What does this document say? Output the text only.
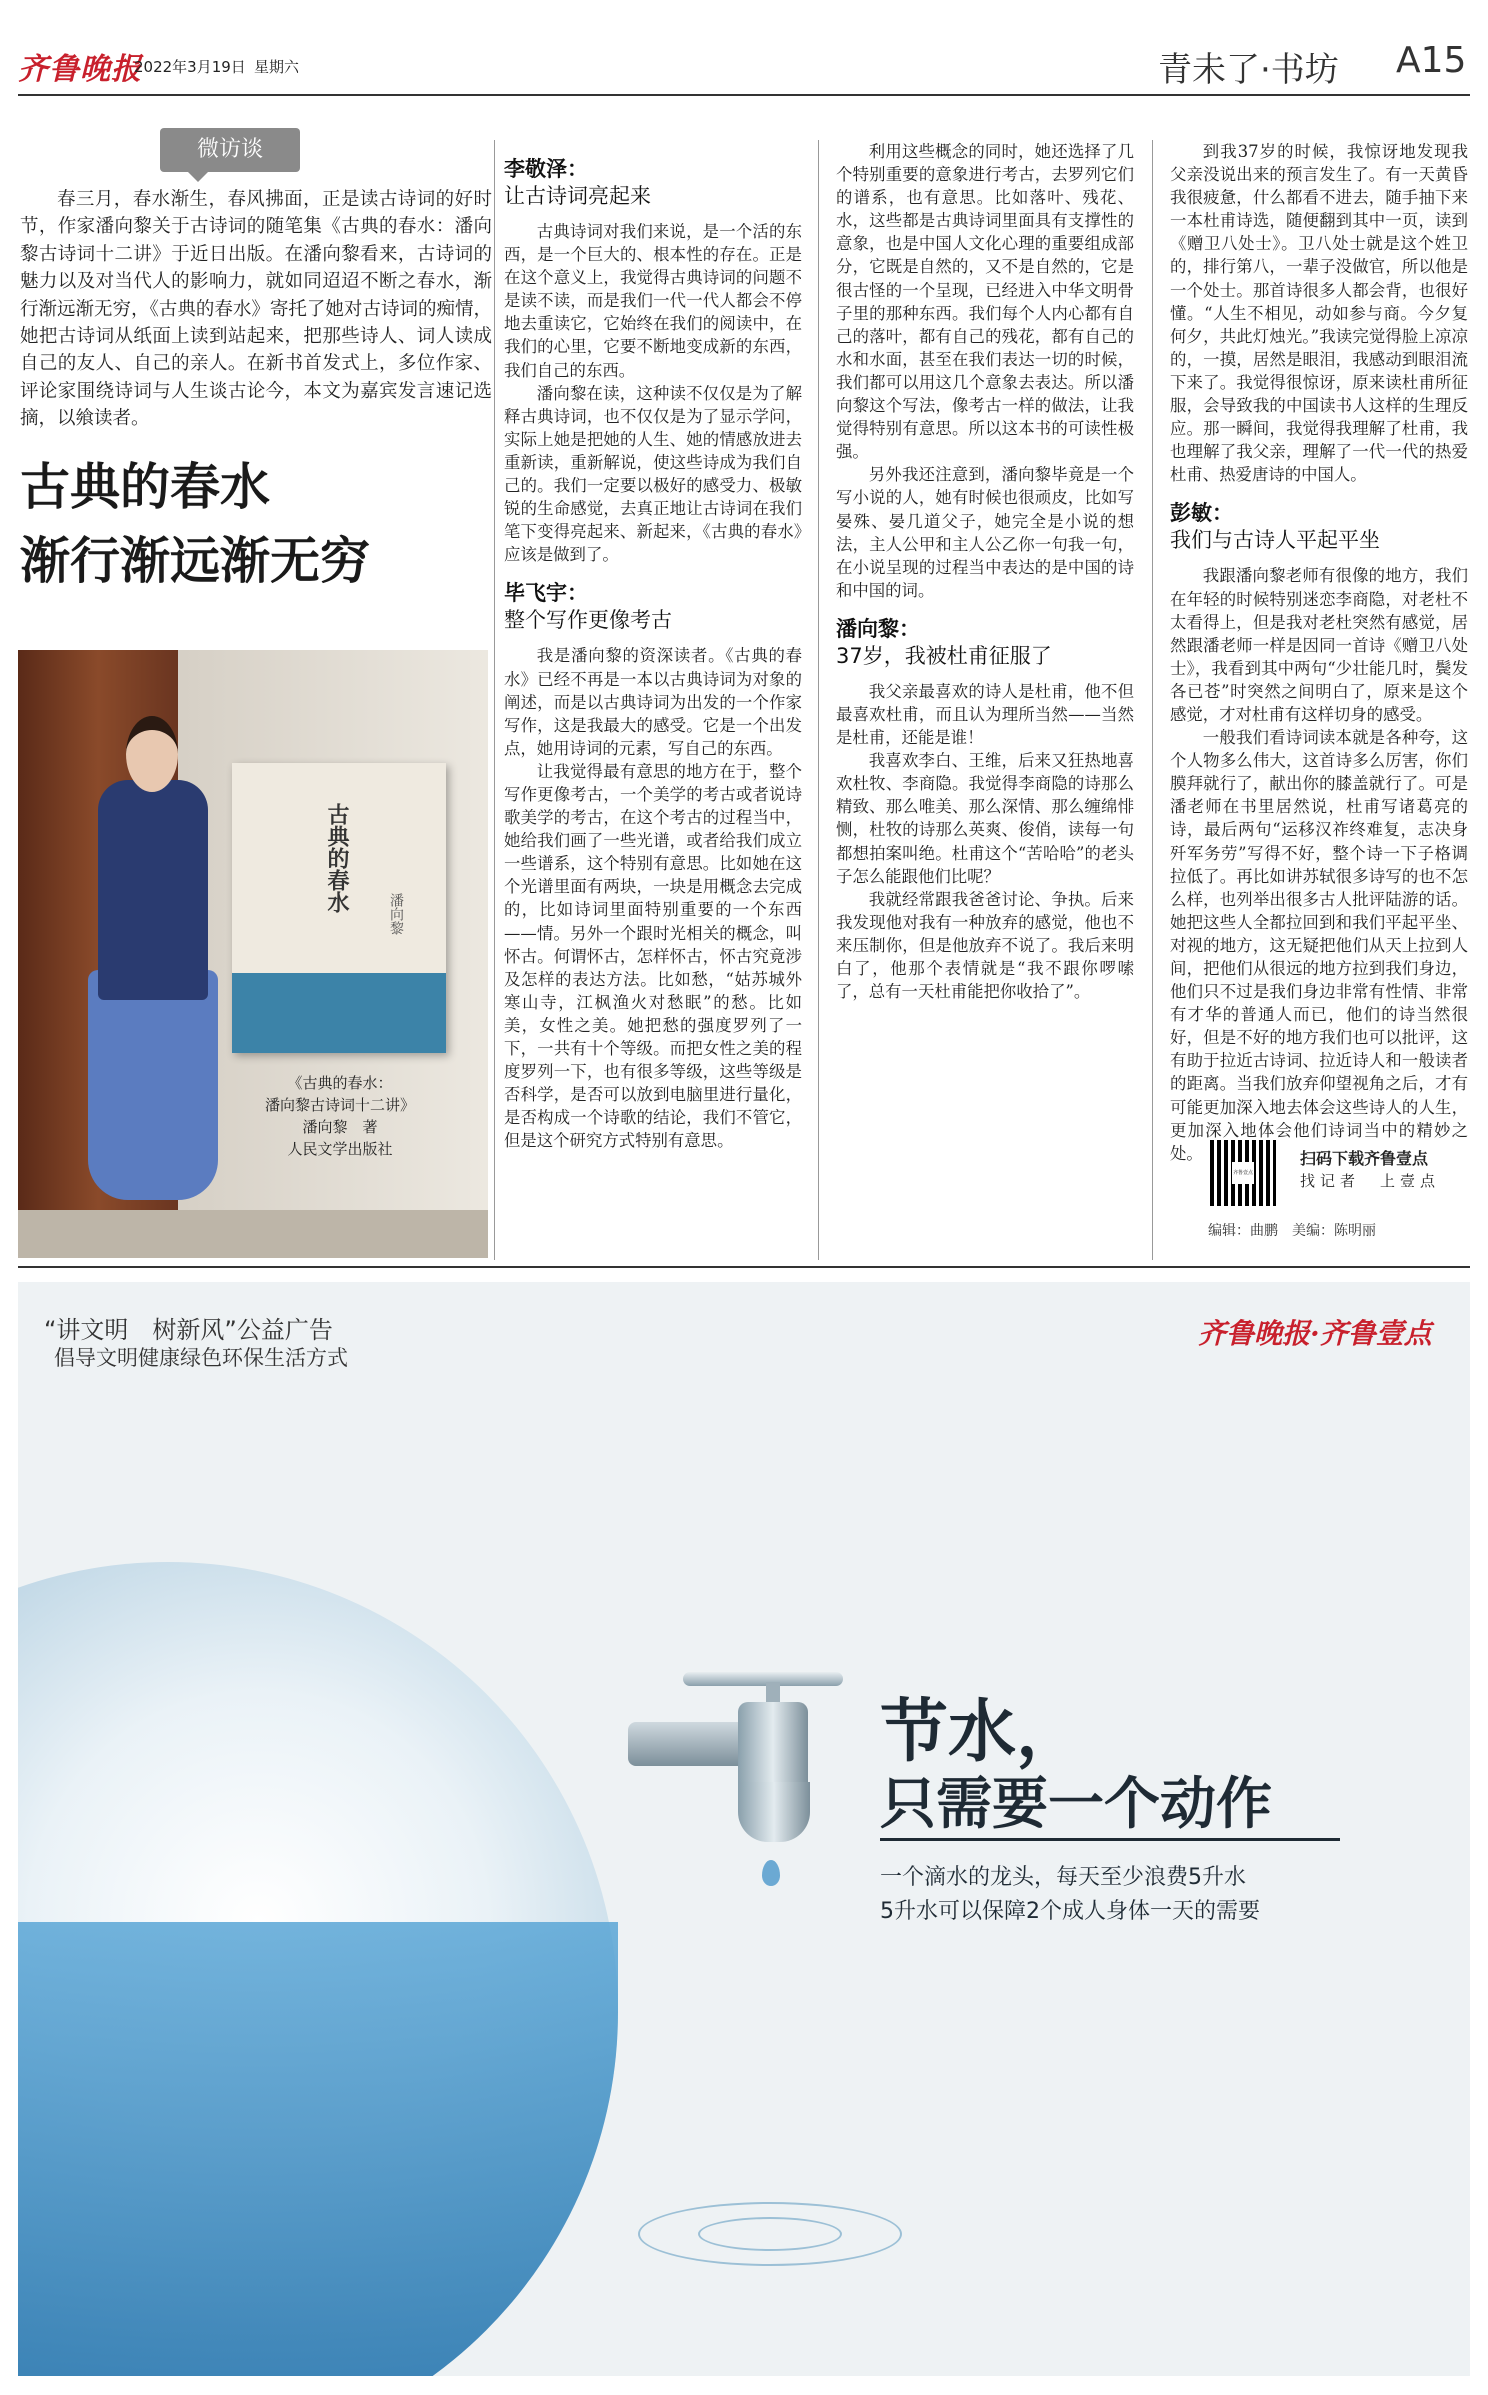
齐鲁晚报
2022年3月19日 星期六	青未了·书坊 A15
微访谈

春三月，春水渐生，春风拂面，正是读古诗词的好时节，作家潘向黎关于古诗词的随笔集《古典的春水：潘向黎古诗词十二讲》于近日出版。在潘向黎看来，古诗词的魅力以及对当代人的影响力，就如同迢迢不断之春水，渐行渐远渐无穷，《古典的春水》寄托了她对古诗词的痴情，她把古诗词从纸面上读到站起来，把那些诗人、词人读成自己的友人、自己的亲人。在新书首发式上，多位作家、评论家围绕诗词与人生谈古论今，本文为嘉宾发言速记选摘，以飨读者。

古典的春水
渐行渐远渐无穷
古典的春水
潘向黎
《古典的春水：
潘向黎古诗词十二讲》
潘向黎　著
人民文学出版社
李敬泽：
让古诗词亮起来

古典诗词对我们来说，是一个活的东西，是一个巨大的、根本性的存在。正是在这个意义上，我觉得古典诗词的问题不是读不读，而是我们一代一代人都会不停地去重读它，它始终在我们的阅读中，在我们的心里，它要不断地变成新的东西，我们自己的东西。

潘向黎在读，这种读不仅仅是为了解释古典诗词，也不仅仅是为了显示学问，实际上她是把她的人生、她的情感放进去重新读，重新解说，使这些诗成为我们自己的。我们一定要以极好的感受力、极敏锐的生命感觉，去真正地让古诗词在我们笔下变得亮起来、新起来，《古典的春水》应该是做到了。

毕飞宇：
整个写作更像考古

我是潘向黎的资深读者。《古典的春水》已经不再是一本以古典诗词为对象的阐述，而是以古典诗词为出发的一个作家写作，这是我最大的感受。它是一个出发点，她用诗词的元素，写自己的东西。

让我觉得最有意思的地方在于，整个写作更像考古，一个美学的考古或者说诗歌美学的考古，在这个考古的过程当中，她给我们画了一些光谱，或者给我们成立一些谱系，这个特别有意思。比如她在这个光谱里面有两块，一块是用概念去完成的，比如诗词里面特别重要的一个东西——情。另外一个跟时光相关的概念，叫怀古。何谓怀古，怎样怀古，怀古究竟涉及怎样的表达方法。比如愁，“姑苏城外寒山寺，江枫渔火对愁眠”的愁。比如美，女性之美。她把愁的强度罗列了一下，一共有十个等级。而把女性之美的程度罗列一下，也有很多等级，这些等级是否科学，是否可以放到电脑里进行量化，是否构成一个诗歌的结论，我们不管它，但是这个研究方式特别有意思。

利用这些概念的同时，她还选择了几个特别重要的意象进行考古，去罗列它们的谱系，也有意思。比如落叶、残花、水，这些都是古典诗词里面具有支撑性的意象，也是中国人文化心理的重要组成部分，它既是自然的，又不是自然的，它是很古怪的一个呈现，已经进入中华文明骨子里的那种东西。我们每个人内心都有自己的落叶，都有自己的残花，都有自己的水和水面，甚至在我们表达一切的时候，我们都可以用这几个意象去表达。所以潘向黎这个写法，像考古一样的做法，让我觉得特别有意思。所以这本书的可读性极强。

另外我还注意到，潘向黎毕竟是一个写小说的人，她有时候也很顽皮，比如写晏殊、晏几道父子，她完全是小说的想法，主人公甲和主人公乙你一句我一句，在小说呈现的过程当中表达的是中国的诗和中国的词。

潘向黎：
37岁，我被杜甫征服了

我父亲最喜欢的诗人是杜甫，他不但最喜欢杜甫，而且认为理所当然——当然是杜甫，还能是谁！

我喜欢李白、王维，后来又狂热地喜欢杜牧、李商隐。我觉得李商隐的诗那么精致、那么唯美、那么深情、那么缠绵悱恻，杜牧的诗那么英爽、俊俏，读每一句都想拍案叫绝。杜甫这个“苦哈哈”的老头子怎么能跟他们比呢？

我就经常跟我爸爸讨论、争执。后来我发现他对我有一种放弃的感觉，他也不来压制你，但是他放弃不说了。我后来明白了，他那个表情就是“我不跟你啰嗦了，总有一天杜甫能把你收拾了”。

到我37岁的时候，我惊讶地发现我父亲没说出来的预言发生了。有一天黄昏我很疲惫，什么都看不进去，随手抽下来一本杜甫诗选，随便翻到其中一页，读到《赠卫八处士》。卫八处士就是这个姓卫的，排行第八，一辈子没做官，所以他是一个处士。那首诗很多人都会背，也很好懂。“人生不相见，动如参与商。今夕复何夕，共此灯烛光。”我读完觉得脸上凉凉的，一摸，居然是眼泪，我感动到眼泪流下来了。我觉得很惊讶，原来读杜甫所征服，会导致我的中国读书人这样的生理反应。那一瞬间，我觉得我理解了杜甫，我也理解了我父亲，理解了一代一代的热爱杜甫、热爱唐诗的中国人。

彭敏：
我们与古诗人平起平坐

我跟潘向黎老师有很像的地方，我们在年轻的时候特别迷恋李商隐，对老杜不太看得上，但是我对老杜突然有感觉，居然跟潘老师一样是因同一首诗《赠卫八处士》，我看到其中两句“少壮能几时，鬓发各已苍”时突然之间明白了，原来是这个感觉，才对杜甫有这样切身的感受。

一般我们看诗词读本就是各种夸，这个人物多么伟大，这首诗多么厉害，你们膜拜就行了，献出你的膝盖就行了。可是潘老师在书里居然说，杜甫写诸葛亮的诗，最后两句“运移汉祚终难复，志决身歼军务劳”写得不好，整个诗一下子格调拉低了。再比如讲苏轼很多诗写的也不怎么样，也列举出很多古人批评陆游的话。她把这些人全都拉回到和我们平起平坐、对视的地方，这无疑把他们从天上拉到人间，把他们从很远的地方拉到我们身边，他们只不过是我们身边非常有性情、非常有才华的普通人而已，他们的诗当然很好，但是不好的地方我们也可以批评，这有助于拉近古诗词、拉近诗人和一般读者的距离。当我们放弃仰望视角之后，才有可能更加深入地去体会这些诗人的人生，更加深入地体会他们诗词当中的精妙之处。

齐鲁壹点
扫码下载齐鲁壹点
找记者　上壹点
编辑：曲鹏　美编：陈明丽
“讲文明　树新风”公益广告
倡导文明健康绿色环保生活方式
齐鲁晚报·齐鲁壹点
节水，
只需要一个动作
一个滴水的龙头，每天至少浪费5升水
5升水可以保障2个成人身体一天的需要
